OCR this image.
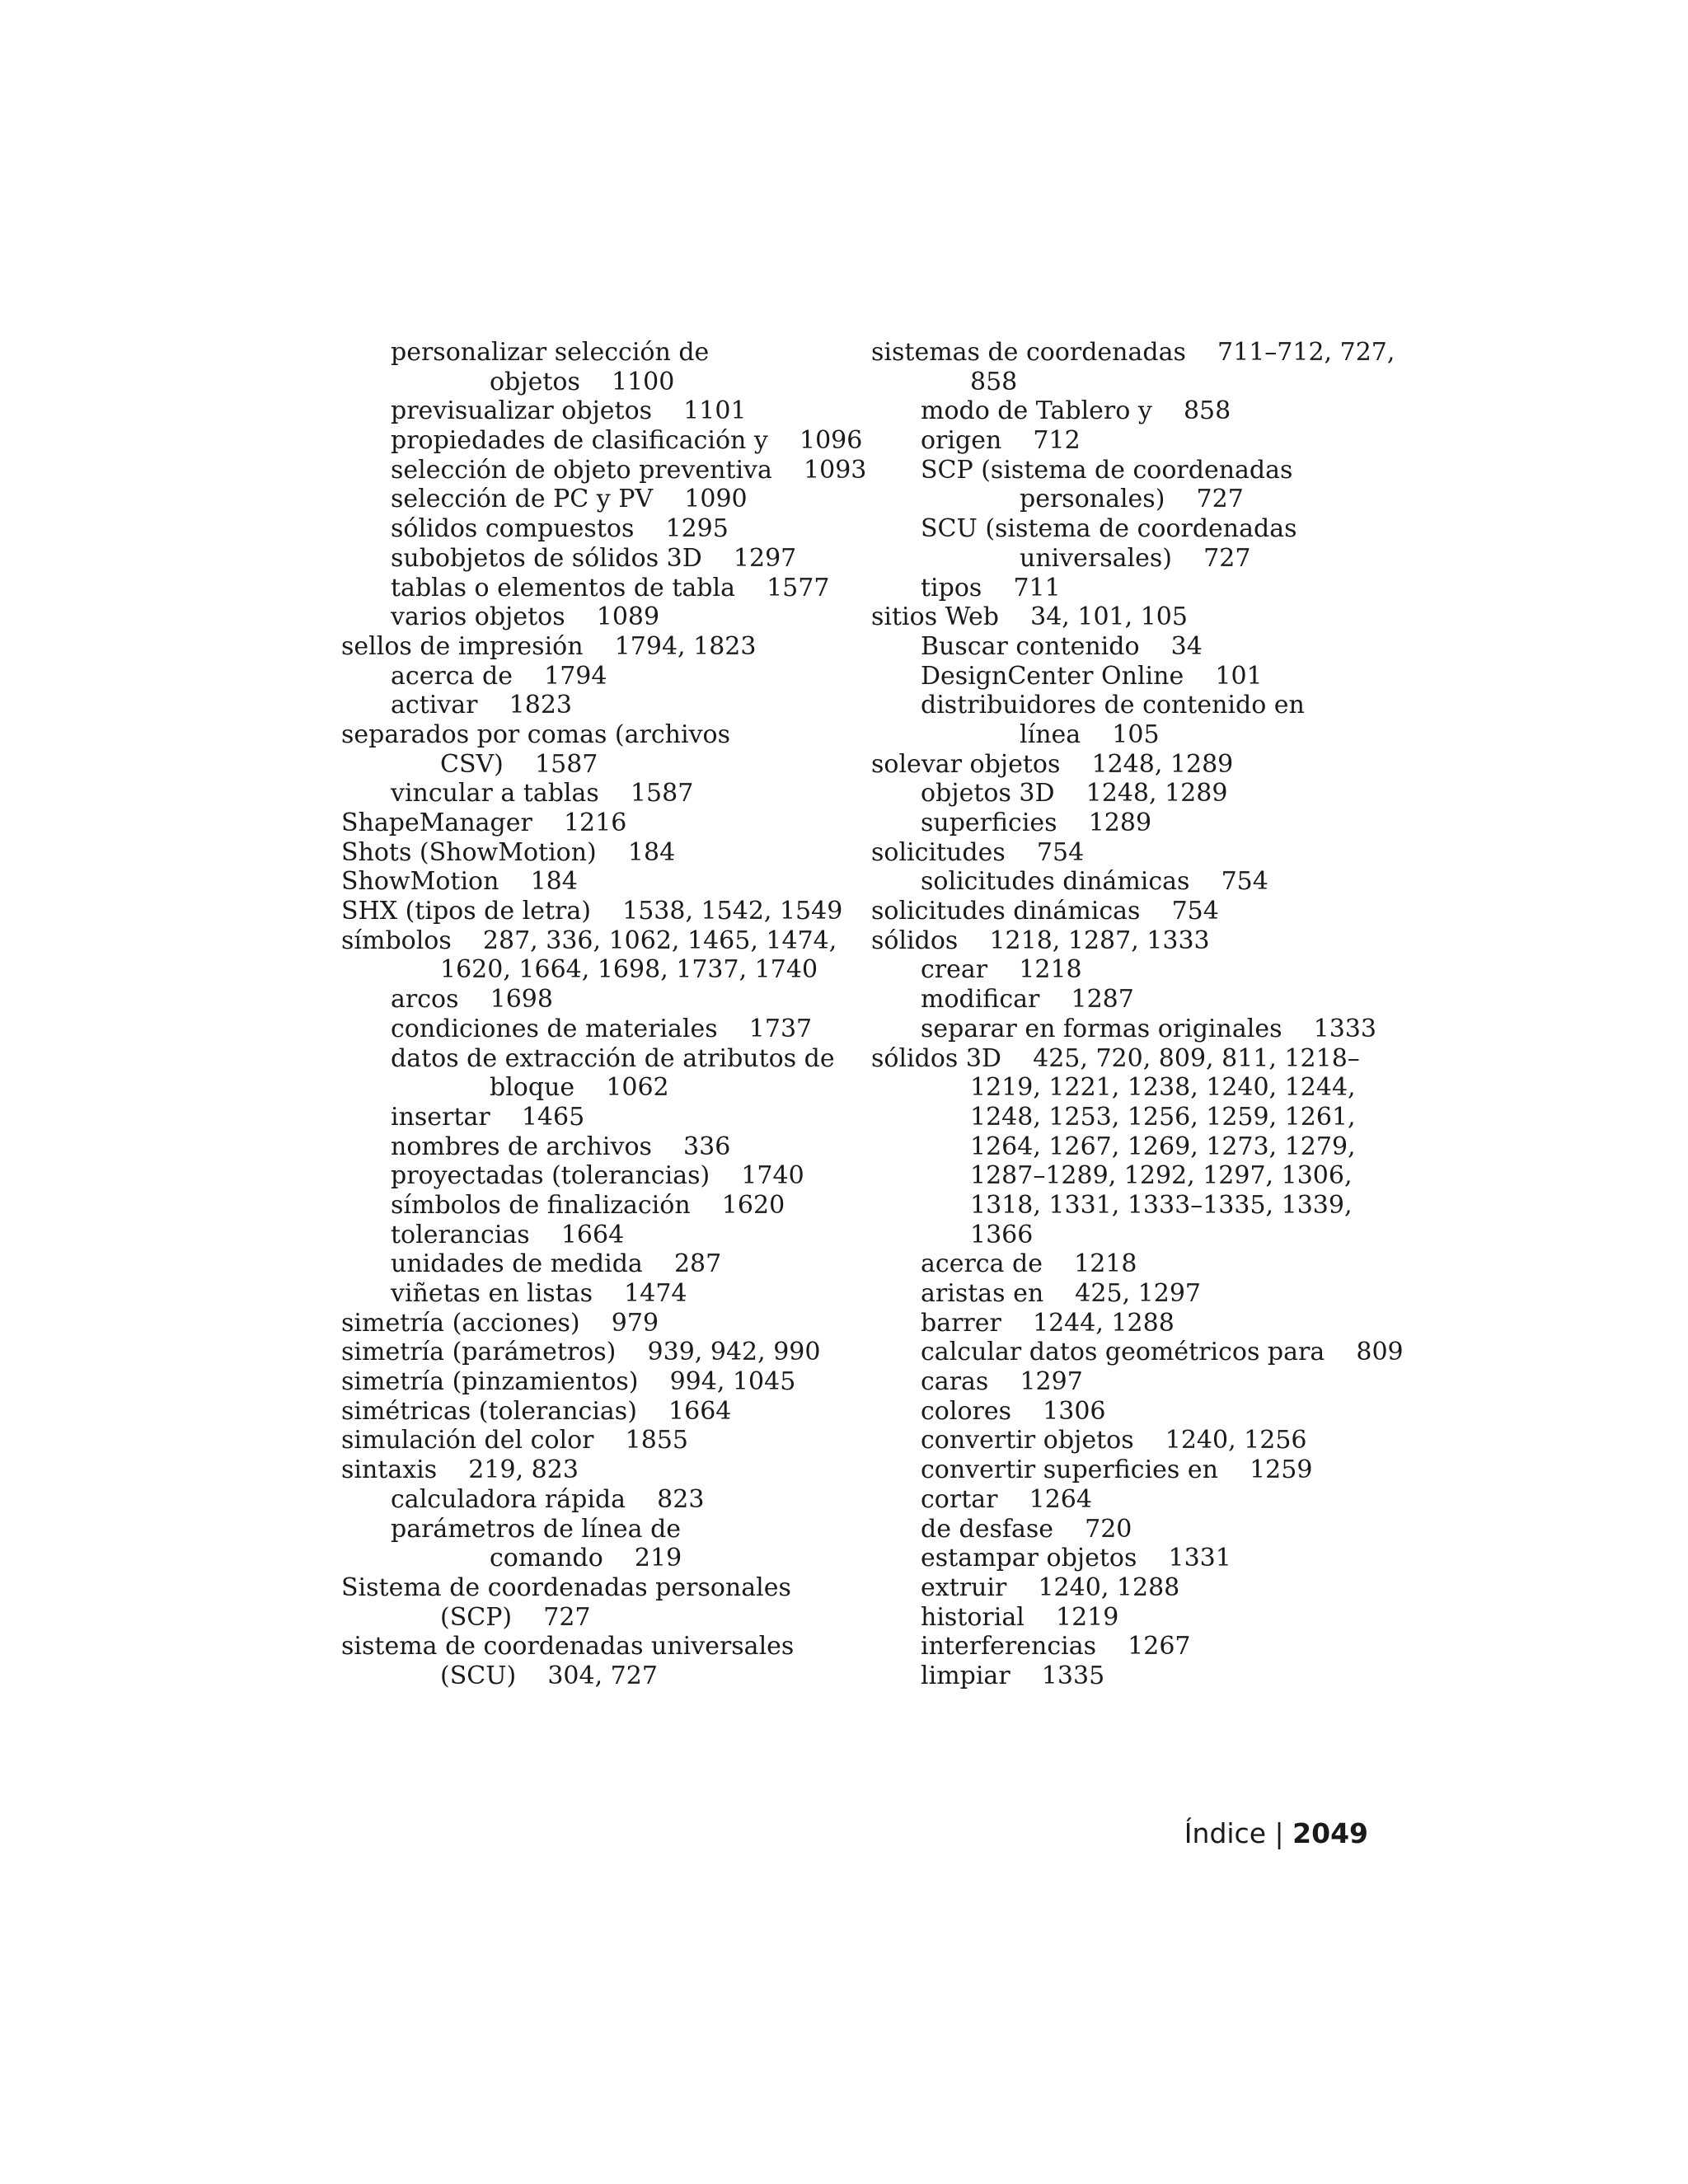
personalizar selección de
objetos    1100
previsualizar objetos    1101
propiedades de clasificación y    1096
selección de objeto preventiva    1093
selección de PC y PV    1090
sólidos compuestos    1295
subobjetos de sólidos 3D    1297
tablas o elementos de tabla    1577
varios objetos    1089
sellos de impresión    1794, 1823
acerca de    1794
activar    1823
separados por comas (archivos
CSV)    1587
vincular a tablas    1587
ShapeManager    1216
Shots (ShowMotion)    184
ShowMotion    184
SHX (tipos de letra)    1538, 1542, 1549
símbolos    287, 336, 1062, 1465, 1474,
1620, 1664, 1698, 1737, 1740
arcos    1698
condiciones de materiales    1737
datos de extracción de atributos de
bloque    1062
insertar    1465
nombres de archivos    336
proyectadas (tolerancias)    1740
símbolos de finalización    1620
tolerancias    1664
unidades de medida    287
viñetas en listas    1474
simetría (acciones)    979
simetría (parámetros)    939, 942, 990
simetría (pinzamientos)    994, 1045
simétricas (tolerancias)    1664
simulación del color    1855
sintaxis    219, 823
calculadora rápida    823
parámetros de línea de
comando    219
Sistema de coordenadas personales
(SCP)    727
sistema de coordenadas universales
(SCU)    304, 727
sistemas de coordenadas    711–712, 727,
858
modo de Tablero y    858
origen    712
SCP (sistema de coordenadas
personales)    727
SCU (sistema de coordenadas
universales)    727
tipos    711
sitios Web    34, 101, 105
Buscar contenido    34
DesignCenter Online    101
distribuidores de contenido en
línea    105
solevar objetos    1248, 1289
objetos 3D    1248, 1289
superficies    1289
solicitudes    754
solicitudes dinámicas    754
solicitudes dinámicas    754
sólidos    1218, 1287, 1333
crear    1218
modificar    1287
separar en formas originales    1333
sólidos 3D    425, 720, 809, 811, 1218–
1219, 1221, 1238, 1240, 1244,
1248, 1253, 1256, 1259, 1261,
1264, 1267, 1269, 1273, 1279,
1287–1289, 1292, 1297, 1306,
1318, 1331, 1333–1335, 1339,
1366
acerca de    1218
aristas en    425, 1297
barrer    1244, 1288
calcular datos geométricos para    809
caras    1297
colores    1306
convertir objetos    1240, 1256
convertir superficies en    1259
cortar    1264
de desfase    720
estampar objetos    1331
extruir    1240, 1288
historial    1219
interferencias    1267
limpiar    1335
Índice | 2049
